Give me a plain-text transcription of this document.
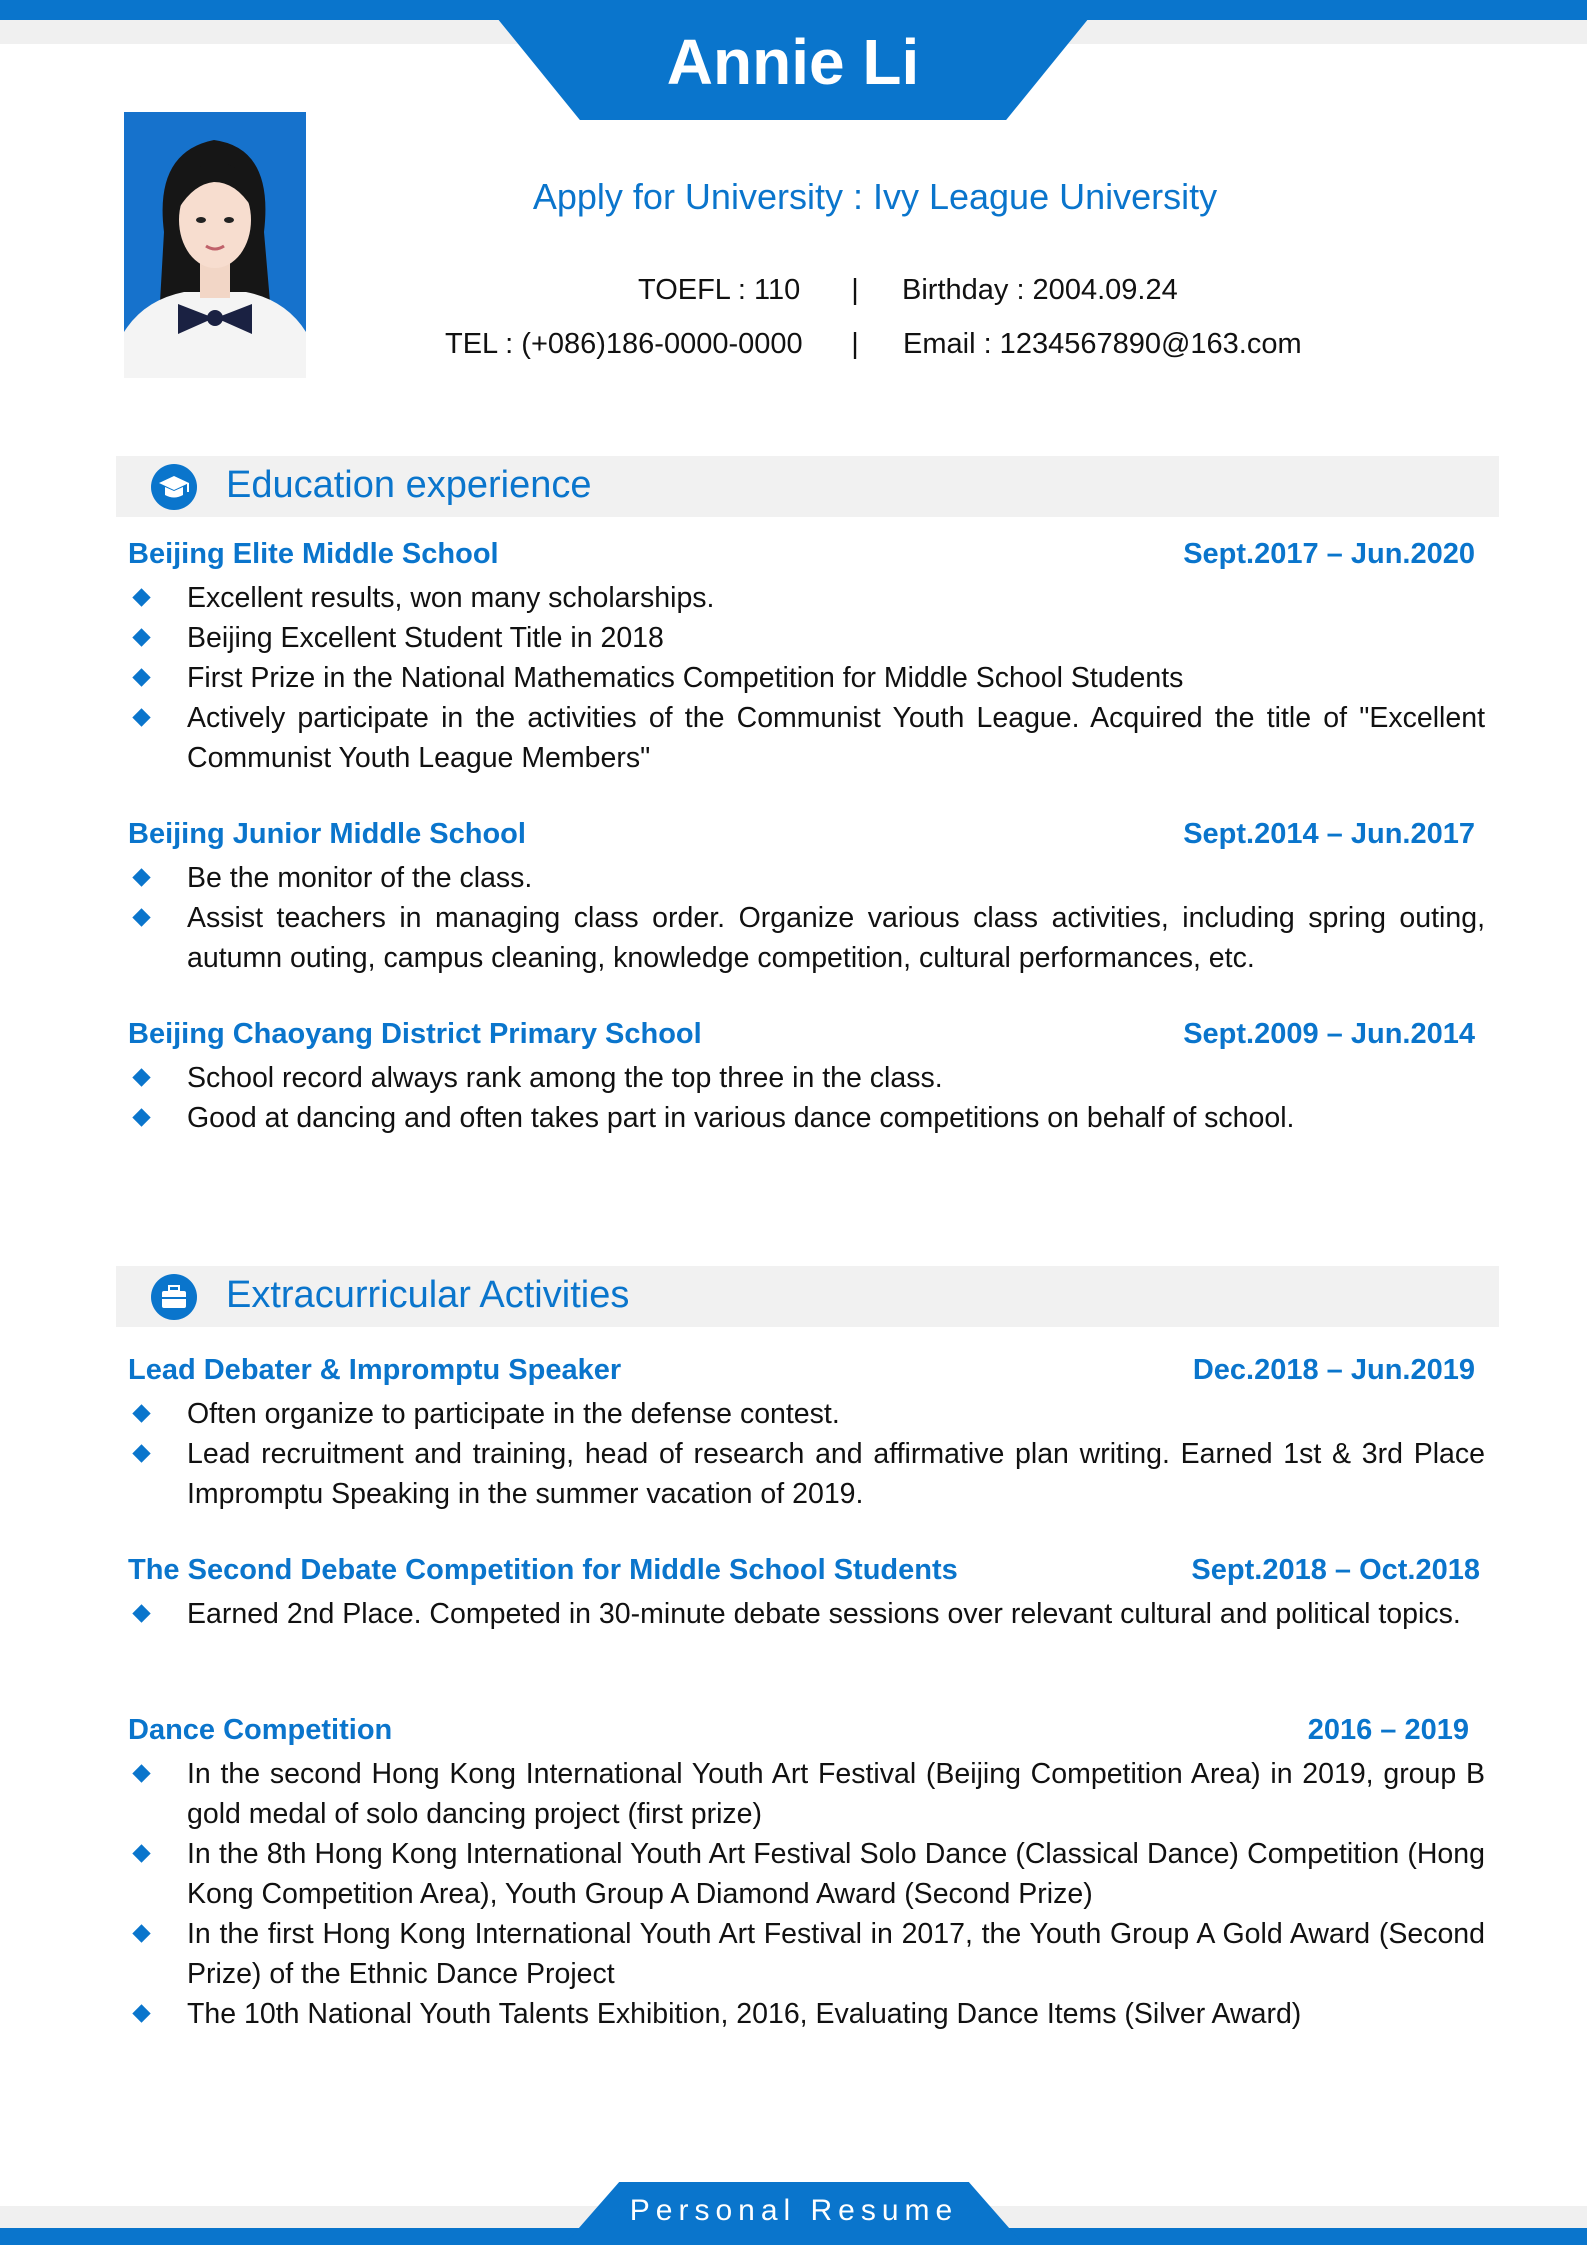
Annie Li
Apply for University : Ivy League University
TOEFL : 110 | Birthday : 2004.09.24
TEL : (+086)186-0000-0000 | Email : 1234567890@163.com
Education experience
Beijing Elite Middle School	Sept.2017 – Jun.2020
Excellent results, won many scholarships.
Beijing Excellent Student Title in 2018
First Prize in the National Mathematics Competition for Middle School Students
Actively participate in the activities of the Communist Youth League. Acquired the title of "Excellent Communist Youth League Members"
Beijing Junior Middle School	Sept.2014 – Jun.2017
Be the monitor of the class.
Assist teachers in managing class order. Organize various class activities, including spring outing, autumn outing, campus cleaning, knowledge competition, cultural performances, etc.
Beijing Chaoyang District Primary School	Sept.2009 – Jun.2014
School record always rank among the top three in the class.
Good at dancing and often takes part in various dance competitions on behalf of school.
Extracurricular Activities
Lead Debater & Impromptu Speaker	Dec.2018 – Jun.2019
Often organize to participate in the defense contest.
Lead recruitment and training, head of research and affirmative plan writing. Earned 1st & 3rd Place Impromptu Speaking in the summer vacation of 2019.
The Second Debate Competition for Middle School Students	Sept.2018 – Oct.2018
Earned 2nd Place. Competed in 30-minute debate sessions over relevant cultural and political topics.
Dance Competition	2016 – 2019
In the second Hong Kong International Youth Art Festival (Beijing Competition Area) in 2019, group B gold medal of solo dancing project (first prize)
In the 8th Hong Kong International Youth Art Festival Solo Dance (Classical Dance) Competition (Hong Kong Competition Area), Youth Group A Diamond Award (Second Prize)
In the first Hong Kong International Youth Art Festival in 2017, the Youth Group A Gold Award (Second Prize) of the Ethnic Dance Project
The 10th National Youth Talents Exhibition, 2016, Evaluating Dance Items (Silver Award)
Personal Resume
